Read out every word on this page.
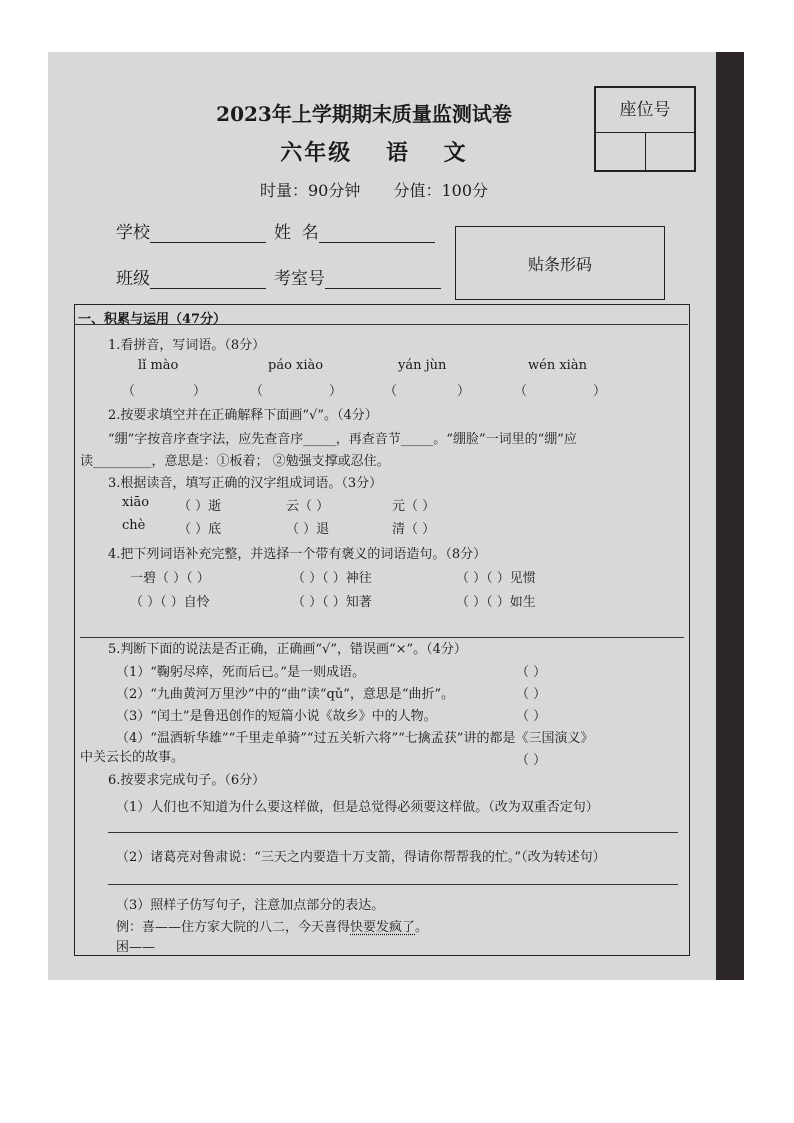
2023年上学期期末质量监测试卷
六年级 语 文
时量：90分钟 分值：100分
座位号
学校	姓  名
班级	考室号
贴条形码
一、积累与运用（47分）
1.看拼音，写词语。（8分）
lǐ mào	páo xiào	yán jùn	wén xiàn
（	）	（	）	（	）	（	）
2.按要求填空并在正确解释下面画“√”。（4分）
“绷”字按音序查字法，应先查音序_____，再查音节_____。“绷脸”一词里的“绷”应
读_________，意思是：①板着； ②勉强支撑或忍住。
3.根据读音，填写正确的汉字组成词语。（3分）
xiāo （ ）逝	云（ ）	元（ ）
chè	（ ）底	（ ）退	清（ ）
4.把下列词语补充完整，并选择一个带有褒义的词语造句。（8分）
一碧（ ）（ ）	（ ）（ ）神往	（ ）（ ）见惯
（ ）（ ）自怜	（ ）（ ）知著	（ ）（ ）如生
5.判断下面的说法是否正确，正确画“√”，错误画“×”。（4分）
（1）“鞠躬尽瘁，死而后已。”是一则成语。	（ ）
（2）“九曲黄河万里沙”中的“曲”读“qǔ”，意思是“曲折”。	（ ）
（3）“闰土”是鲁迅创作的短篇小说《故乡》中的人物。	（ ）
（4）“温酒斩华雄”“千里走单骑”“过五关斩六将”“七擒孟获”讲的都是《三国演义》
中关云长的故事。	（ ）
6.按要求完成句子。（6分）
（1）人们也不知道为什么要这样做，但是总觉得必须要这样做。（改为双重否定句）
（2）诸葛亮对鲁肃说：“三天之内要造十万支箭，得请你帮帮我的忙。”（改为转述句）
（3）照样子仿写句子，注意加点部分的表达。
例：喜——住方家大院的八二，今天喜得快要发疯了。
困——
